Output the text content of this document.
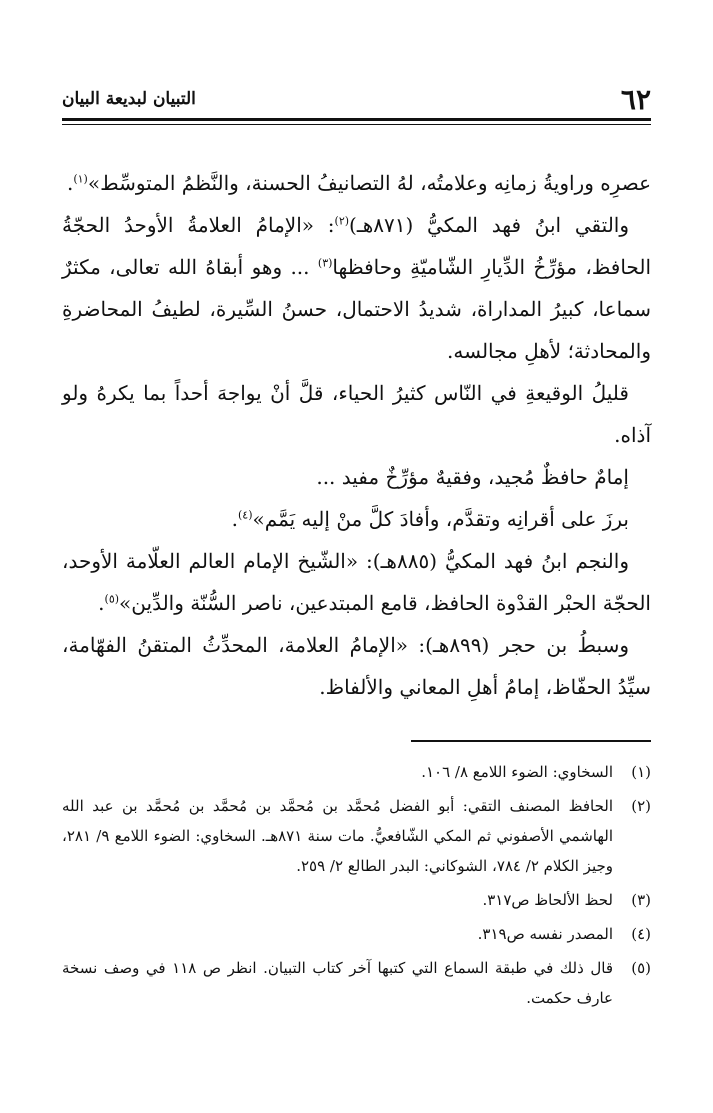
٦٢
التبيان لبديعة البيان

عصرِه وراويةُ زمانِه وعلامتُه، لهُ التصانيفُ الحسنة، والنَّظمُ المتوسِّط»$^{(١)}$.

والتقي ابنُ فهد المكيُّ (٨٧١هـ)$^{(٢)}$: «الإمامُ العلامةُ الأوحدُ الحجّةُ الحافظ، مؤرِّخُ الدِّيارِ الشّاميّةِ وحافظها$^{(٣)}$ ... وهو أبقاهُ الله تعالى، مكثرٌ سماعا، كبيرُ المداراة، شديدُ الاحتمال، حسنُ السِّيرة، لطيفُ المحاضرةِ والمحادثة؛ لأهلِ مجالسه.

قليلُ الوقيعةِ في النّاس كثيرُ الحياء، قلَّ أنْ يواجهَ أحداً بما يكرهُ ولو آذاه.

إمامٌ حافظٌ مُجيد، وفقيهٌ مؤرِّخٌ مفيد ...

برزَ على أقرانِه وتقدَّم، وأفادَ كلَّ منْ إليه يَمَّم»$^{(٤)}$.

والنجم ابنُ فهد المكيُّ (٨٨٥هـ): «الشّيخ الإمام العالم العلّامة الأوحد، الحجّة الحبْر القدْوة الحافظ، قامع المبتدعين، ناصر السُّنّة والدِّين»$^{(٥)}$.

وسبطُ بن حجر (٨٩٩هـ): «الإمامُ العلامة، المحدِّثُ المتقنُ الفهّامة، سيِّدُ الحفّاظ، إمامُ أهلِ المعاني والألفاظ.

(١)
السخاوي: الضوء اللامع ٨/ ١٠٦.
(٢)
الحافظ المصنف التقي: أبو الفضل مُحمَّد بن مُحمَّد بن مُحمَّد بن مُحمَّد بن عبد الله الهاشمي الأصفوني ثم المكي الشّافعيُّ. مات سنة ٨٧١هـ. السخاوي: الضوء اللامع ٩/ ٢٨١، وجيز الكلام ٢/ ٧٨٤، الشوكاني: البدر الطالع ٢/ ٢٥٩.
(٣)
لحظ الألحاظ ص٣١٧.
(٤)
المصدر نفسه ص٣١٩.
(٥)
قال ذلك في طبقة السماع التي كتبها آخر كتاب التبيان. انظر ص ١١٨ في وصف نسخة عارف حكمت.
